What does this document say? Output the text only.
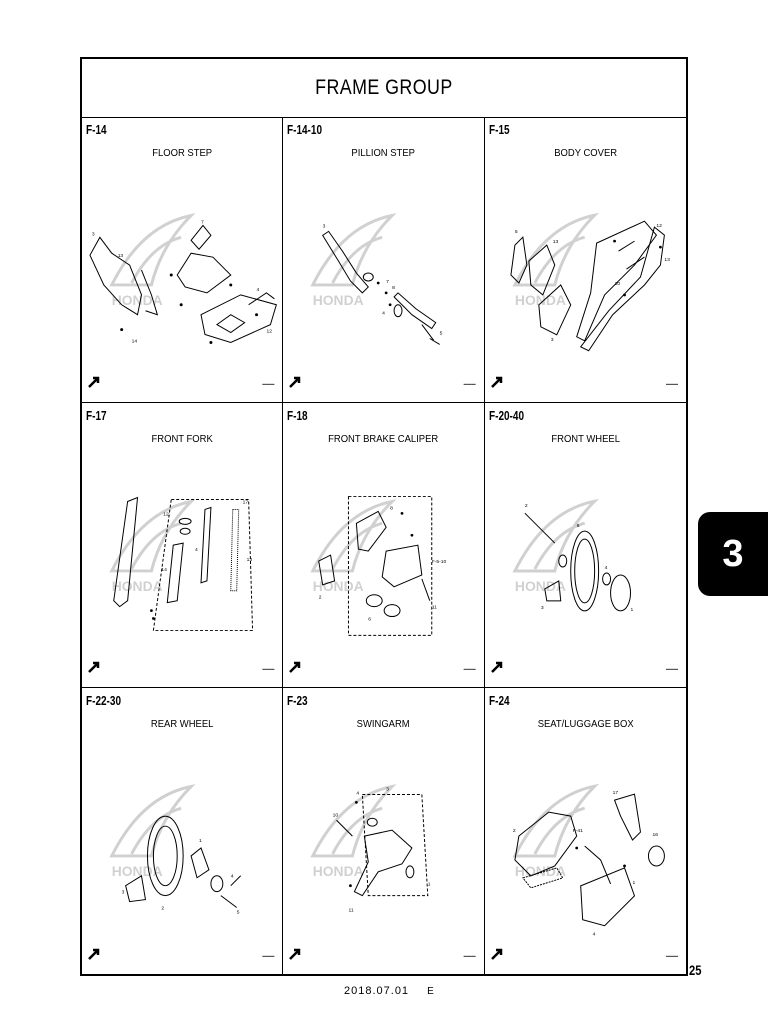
FRAME GROUP
F-14
FLOOR STEP
HONDA
3
13
7
4
12
14
▬▬▬
F-14-10
PILLION STEP
HONDA
3
7
8
5
4
▬▬▬
F-15
BODY COVER
HONDA
5
13
13
12
3
10
▬▬▬
F-17
FRONT FORK
HONDA
12
14
17
13
4
▬▬▬
F-18
FRONT BRAKE CALIPER
HONDA
8
F-5-10
11
2
6
▬▬▬
F-20-40
FRONT WHEEL
HONDA
2
6
3
4
1
▬▬▬
F-22-30
REAR WHEEL
HONDA
3
2
1
4
5
▬▬▬
F-23
SWINGARM
HONDA
3
10
11
1
4
▬▬▬
F-24
SEAT/LUGGAGE BOX
HONDA
F-41
17
16
4
1
2
▬▬▬
3
25
2018.07.01 E
